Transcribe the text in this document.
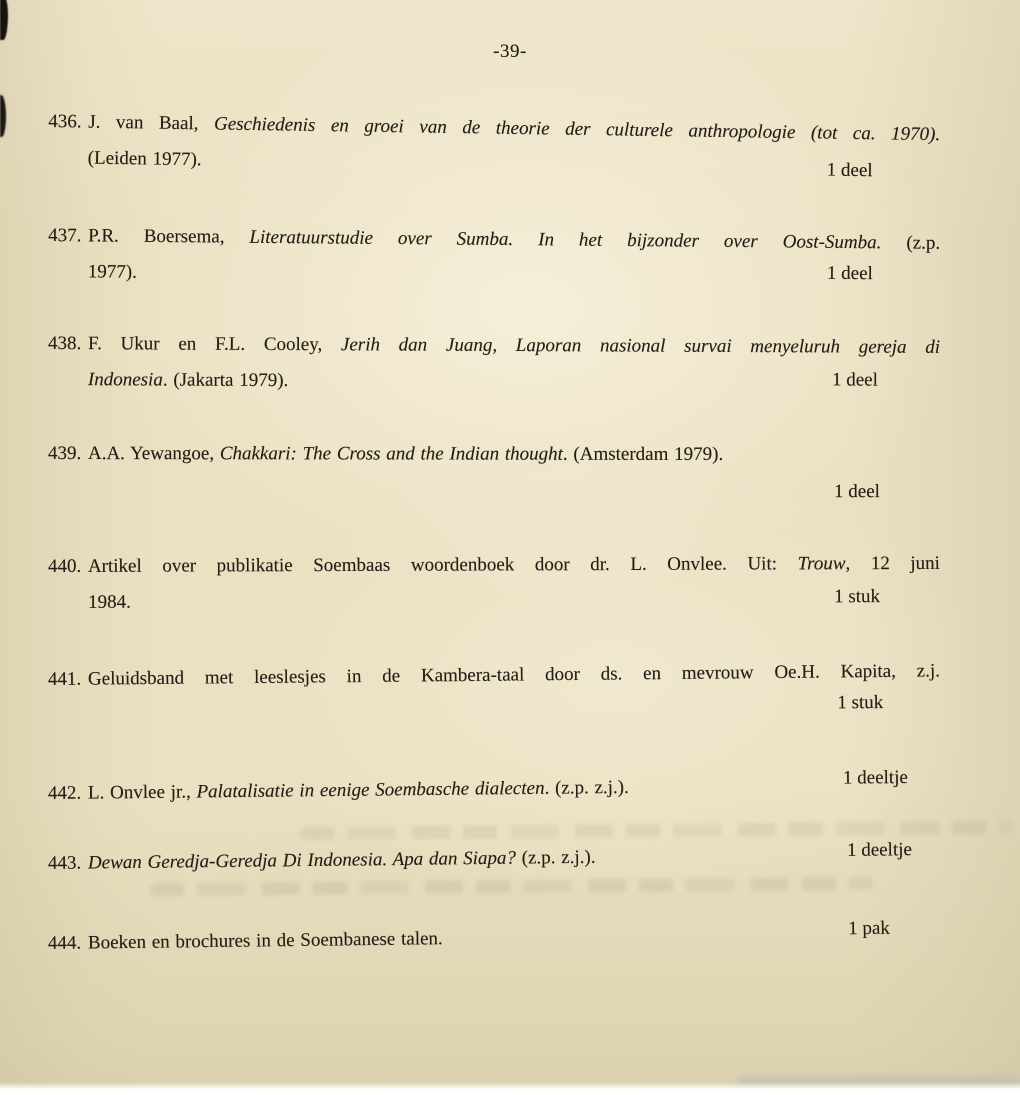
-39-
436. J. van Baal, Geschiedenis en groei van de theorie der culturele anthropologie (tot ca. 1970).
(Leiden 1977).
1 deel
437. P.R. Boersema, Literatuurstudie over Sumba. In het bijzonder over Oost-Sumba. (z.p.
1977).	1 deel
438. F. Ukur en F.L. Cooley, Jerih dan Juang, Laporan nasional survai menyeluruh gereja di
Indonesia. (Jakarta 1979).	1 deel
439. A.A. Yewangoe, Chakkari: The Cross and the Indian thought. (Amsterdam 1979).
1 deel
440. Artikel over publikatie Soembaas woordenboek door dr. L. Onvlee. Uit: Trouw, 12 juni
1984.	1 stuk
441. Geluidsband met leeslesjes in de Kambera-taal door ds. en mevrouw Oe.H. Kapita, z.j.
1 stuk
442. L. Onvlee jr., Palatalisatie in eenige Soembasche dialecten. (z.p. z.j.).	1 deeltje
443. Dewan Geredja-Geredja Di Indonesia. Apa dan Siapa? (z.p. z.j.).	1 deeltje
444. Boeken en brochures in de Soembanese talen.	1 pak
